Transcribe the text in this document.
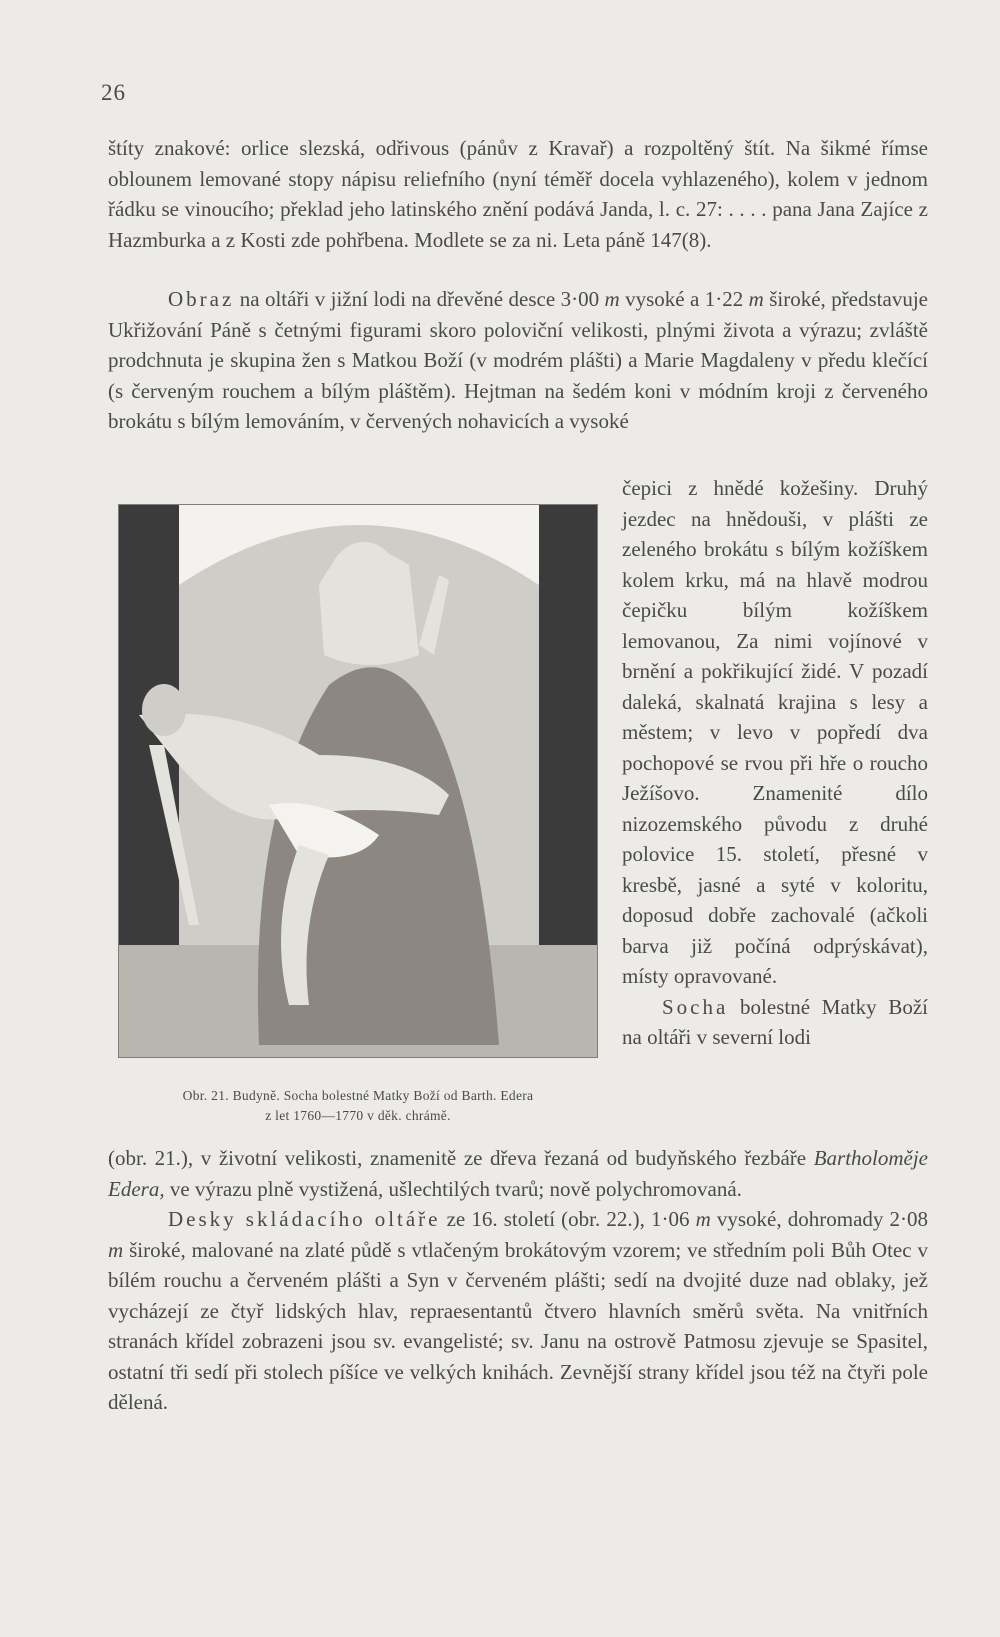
26

štíty znakové: orlice slezská, odřivous (pánův z Kravař) a rozpoltěný štít. Na šikmé římse oblounem lemované stopy nápisu reliefního (nyní téměř docela vyhlazeného), kolem v jednom řádku se vinoucího; překlad jeho latinského znění podává Janda, l. c. 27: . . . . pana Jana Zajíce z Hazmburka a z Kosti zde pohřbena. Modlete se za ni. Leta páně 147(8).

Obraz na oltáři v jižní lodi na dřevěné desce 3·00 m vysoké a 1·22 m široké, představuje Ukřižování Páně s četnými figurami skoro poloviční velikosti, plnými života a výrazu; zvláště prodchnuta je skupina žen s Matkou Boží (v modrém plášti) a Marie Magdaleny v předu klečící (s červeným rouchem a bílým pláštěm). Hejtman na šedém koni v módním kroji z červeného brokátu s bílým lemováním, v červených nohavicích a vysoké

čepici z hnědé kožešiny. Druhý jezdec na hnědouši, v plášti ze zeleného brokátu s bílým kožíškem kolem krku, má na hlavě modrou čepičku bílým kožíškem lemovanou, Za nimi vojínové v brnění a pokřikující židé. V pozadí daleká, skalnatá krajina s lesy a městem; v levo v popředí dva pochopové se rvou při hře o roucho Ježíšovo. Znamenité dílo nizozemského původu z druhé polovice 15. století, přesné v kresbě, jasné a syté v koloritu, doposud dobře zachovalé (ačkoli barva již počíná odprýskávat), místy opravované.

Socha bolestné Matky Boží na oltáři v severní lodi

Obr. 21. Budyně. Socha bolestné Matky Boží od Barth. Edera
z let 1760—1770 v děk. chrámě.

(obr. 21.), v životní velikosti, znamenitě ze dřeva řezaná od budyňského řezbáře Bartholoměje Edera, ve výrazu plně vystižená, ušlechtilých tvarů; nově polychromovaná.

Desky skládacího oltáře ze 16. století (obr. 22.), 1·06 m vysoké, dohromady 2·08 m široké, malované na zlaté půdě s vtlačeným brokátovým vzorem; ve středním poli Bůh Otec v bílém rouchu a červeném plášti a Syn v červeném plášti; sedí na dvojité duze nad oblaky, jež vycházejí ze čtyř lidských hlav, repraesentantů čtvero hlavních směrů světa. Na vnitřních stranách křídel zobrazeni jsou sv. evangelisté; sv. Janu na ostrově Patmosu zjevuje se Spasitel, ostatní tři sedí při stolech píšíce ve velkých knihách. Zevnější strany křídel jsou též na čtyři pole dělená.
